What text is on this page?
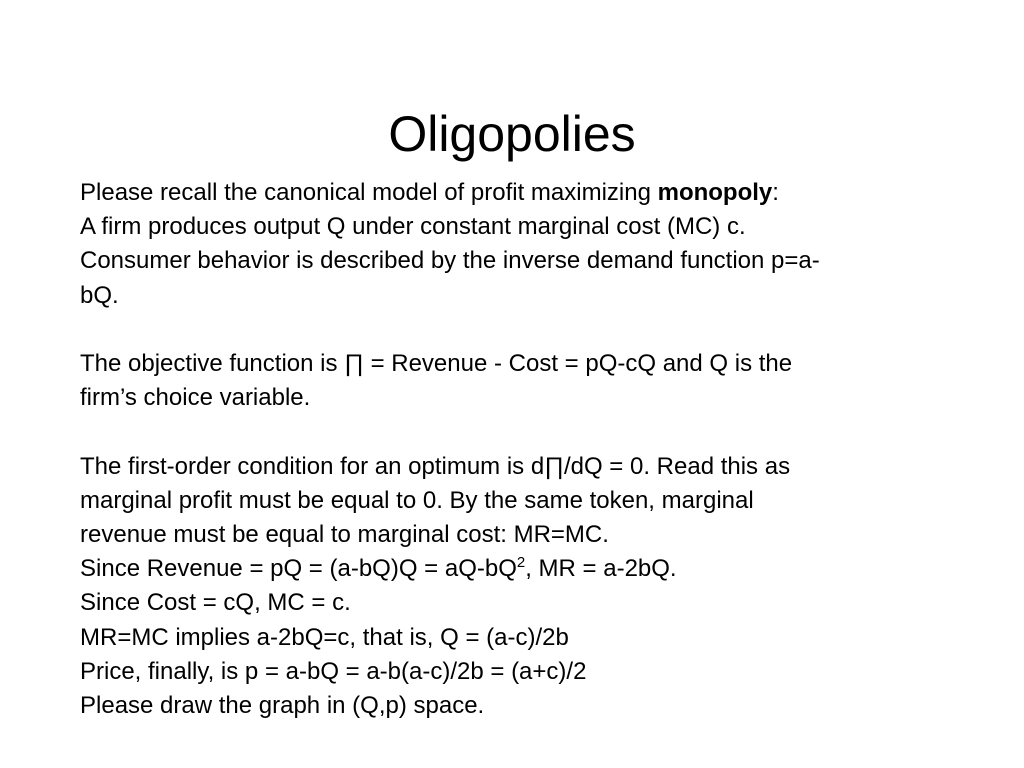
Oligopolies
Please recall the canonical model of profit maximizing monopoly:
A firm produces output Q under constant marginal cost (MC) c.
Consumer behavior is described by the inverse demand function p=a-
bQ.
The objective function is ∏ = Revenue - Cost = pQ-cQ and Q is the
firm’s choice variable.
The first-order condition for an optimum is d∏/dQ = 0. Read this as
marginal profit must be equal to 0. By the same token, marginal
revenue must be equal to marginal cost: MR=MC.
Since Revenue = pQ = $(a-bQ)Q = aQ-bQ^2$, MR = a-2bQ.
Since Cost = cQ, MC = c.
MR=MC implies a-2bQ=c, that is, Q = (a-c)/2b
Price, finally, is p = a-bQ = a-b(a-c)/2b = (a+c)/2
Please draw the graph in (Q,p) space.
